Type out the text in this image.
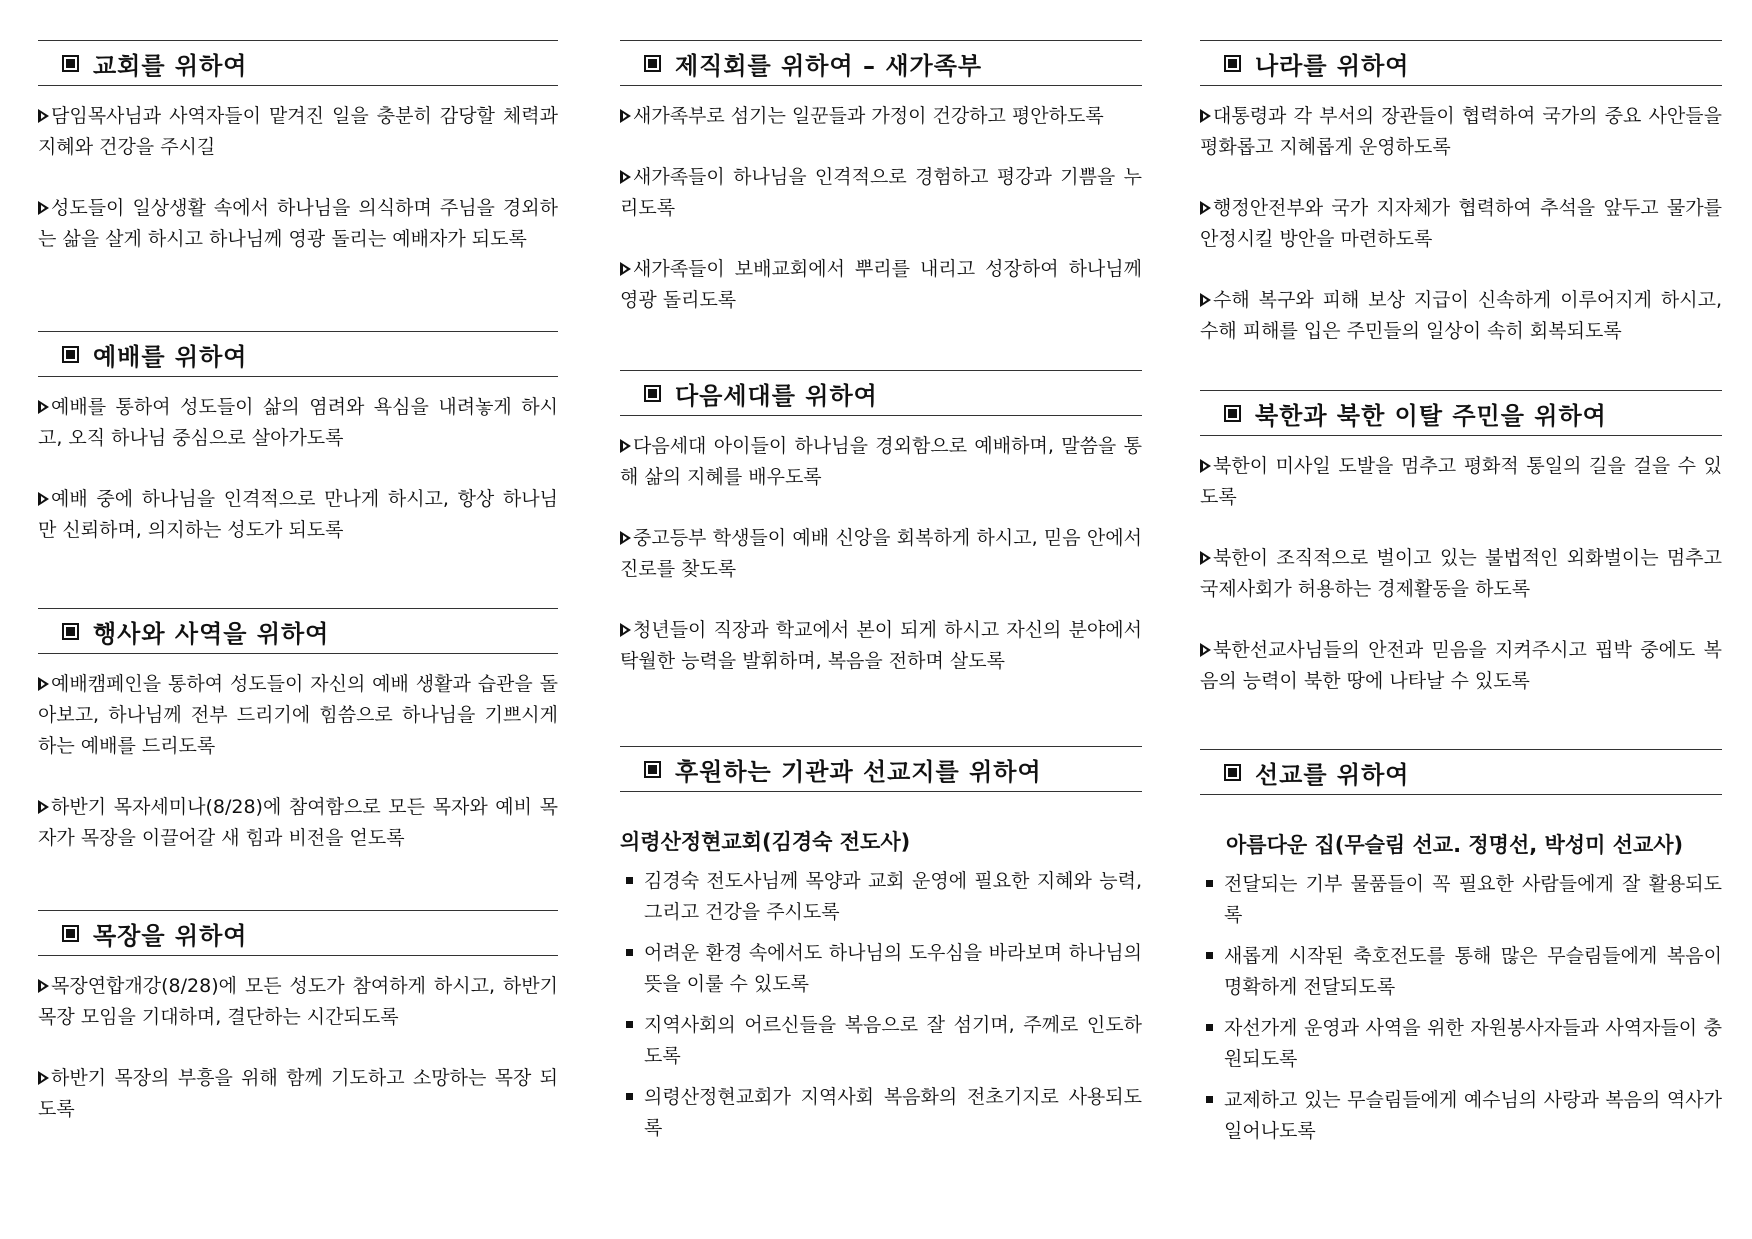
교회를 위하여
담임목사님과 사역자들이 맡겨진 일을 충분히 감당할 체력과 지혜와 건강을 주시길
성도들이 일상생활 속에서 하나님을 의식하며 주님을 경외하는 삶을 살게 하시고 하나님께 영광 돌리는 예배자가 되도록
예배를 위하여
예배를 통하여 성도들이 삶의 염려와 욕심을 내려놓게 하시고, 오직 하나님 중심으로 살아가도록
예배 중에 하나님을 인격적으로 만나게 하시고, 항상 하나님만 신뢰하며, 의지하는 성도가 되도록
행사와 사역을 위하여
예배캠페인을 통하여 성도들이 자신의 예배 생활과 습관을 돌아보고, 하나님께 전부 드리기에 힘씀으로 하나님을 기쁘시게 하는 예배를 드리도록
하반기 목자세미나(8/28)에 참여함으로 모든 목자와 예비 목자가 목장을 이끌어갈 새 힘과 비전을 얻도록
목장을 위하여
목장연합개강(8/28)에 모든 성도가 참여하게 하시고, 하반기 목장 모임을 기대하며, 결단하는 시간되도록
하반기 목장의 부흥을 위해 함께 기도하고 소망하는 목장 되도록
제직회를 위하여 – 새가족부
새가족부로 섬기는 일꾼들과 가정이 건강하고 평안하도록
새가족들이 하나님을 인격적으로 경험하고 평강과 기쁨을 누리도록
새가족들이 보배교회에서 뿌리를 내리고 성장하여 하나님께 영광 돌리도록
다음세대를 위하여
다음세대 아이들이 하나님을 경외함으로 예배하며, 말씀을 통해 삶의 지혜를 배우도록
중고등부 학생들이 예배 신앙을 회복하게 하시고, 믿음 안에서 진로를 찾도록
청년들이 직장과 학교에서 본이 되게 하시고 자신의 분야에서 탁월한 능력을 발휘하며, 복음을 전하며 살도록
후원하는 기관과 선교지를 위하여
의령산정현교회(김경숙 전도사)
김경숙 전도사님께 목양과 교회 운영에 필요한 지혜와 능력, 그리고 건강을 주시도록
어려운 환경 속에서도 하나님의 도우심을 바라보며 하나님의 뜻을 이룰 수 있도록
지역사회의 어르신들을 복음으로 잘 섬기며, 주께로 인도하도록
의령산정현교회가 지역사회 복음화의 전초기지로 사용되도록
나라를 위하여
대통령과 각 부서의 장관들이 협력하여 국가의 중요 사안들을 평화롭고 지혜롭게 운영하도록
행정안전부와 국가 지자체가 협력하여 추석을 앞두고 물가를 안정시킬 방안을 마련하도록
수해 복구와 피해 보상 지급이 신속하게 이루어지게 하시고, 수해 피해를 입은 주민들의 일상이 속히 회복되도록
북한과 북한 이탈 주민을 위하여
북한이 미사일 도발을 멈추고 평화적 통일의 길을 걸을 수 있도록
북한이 조직적으로 벌이고 있는 불법적인 외화벌이는 멈추고 국제사회가 허용하는 경제활동을 하도록
북한선교사님들의 안전과 믿음을 지켜주시고 핍박 중에도 복음의 능력이 북한 땅에 나타날 수 있도록
선교를 위하여
아름다운 집(무슬림 선교. 정명선, 박성미 선교사)
전달되는 기부 물품들이 꼭 필요한 사람들에게 잘 활용되도록
새롭게 시작된 축호전도를 통해 많은 무슬림들에게 복음이 명확하게 전달되도록
자선가게 운영과 사역을 위한 자원봉사자들과 사역자들이 충원되도록
교제하고 있는 무슬림들에게 예수님의 사랑과 복음의 역사가 일어나도록
